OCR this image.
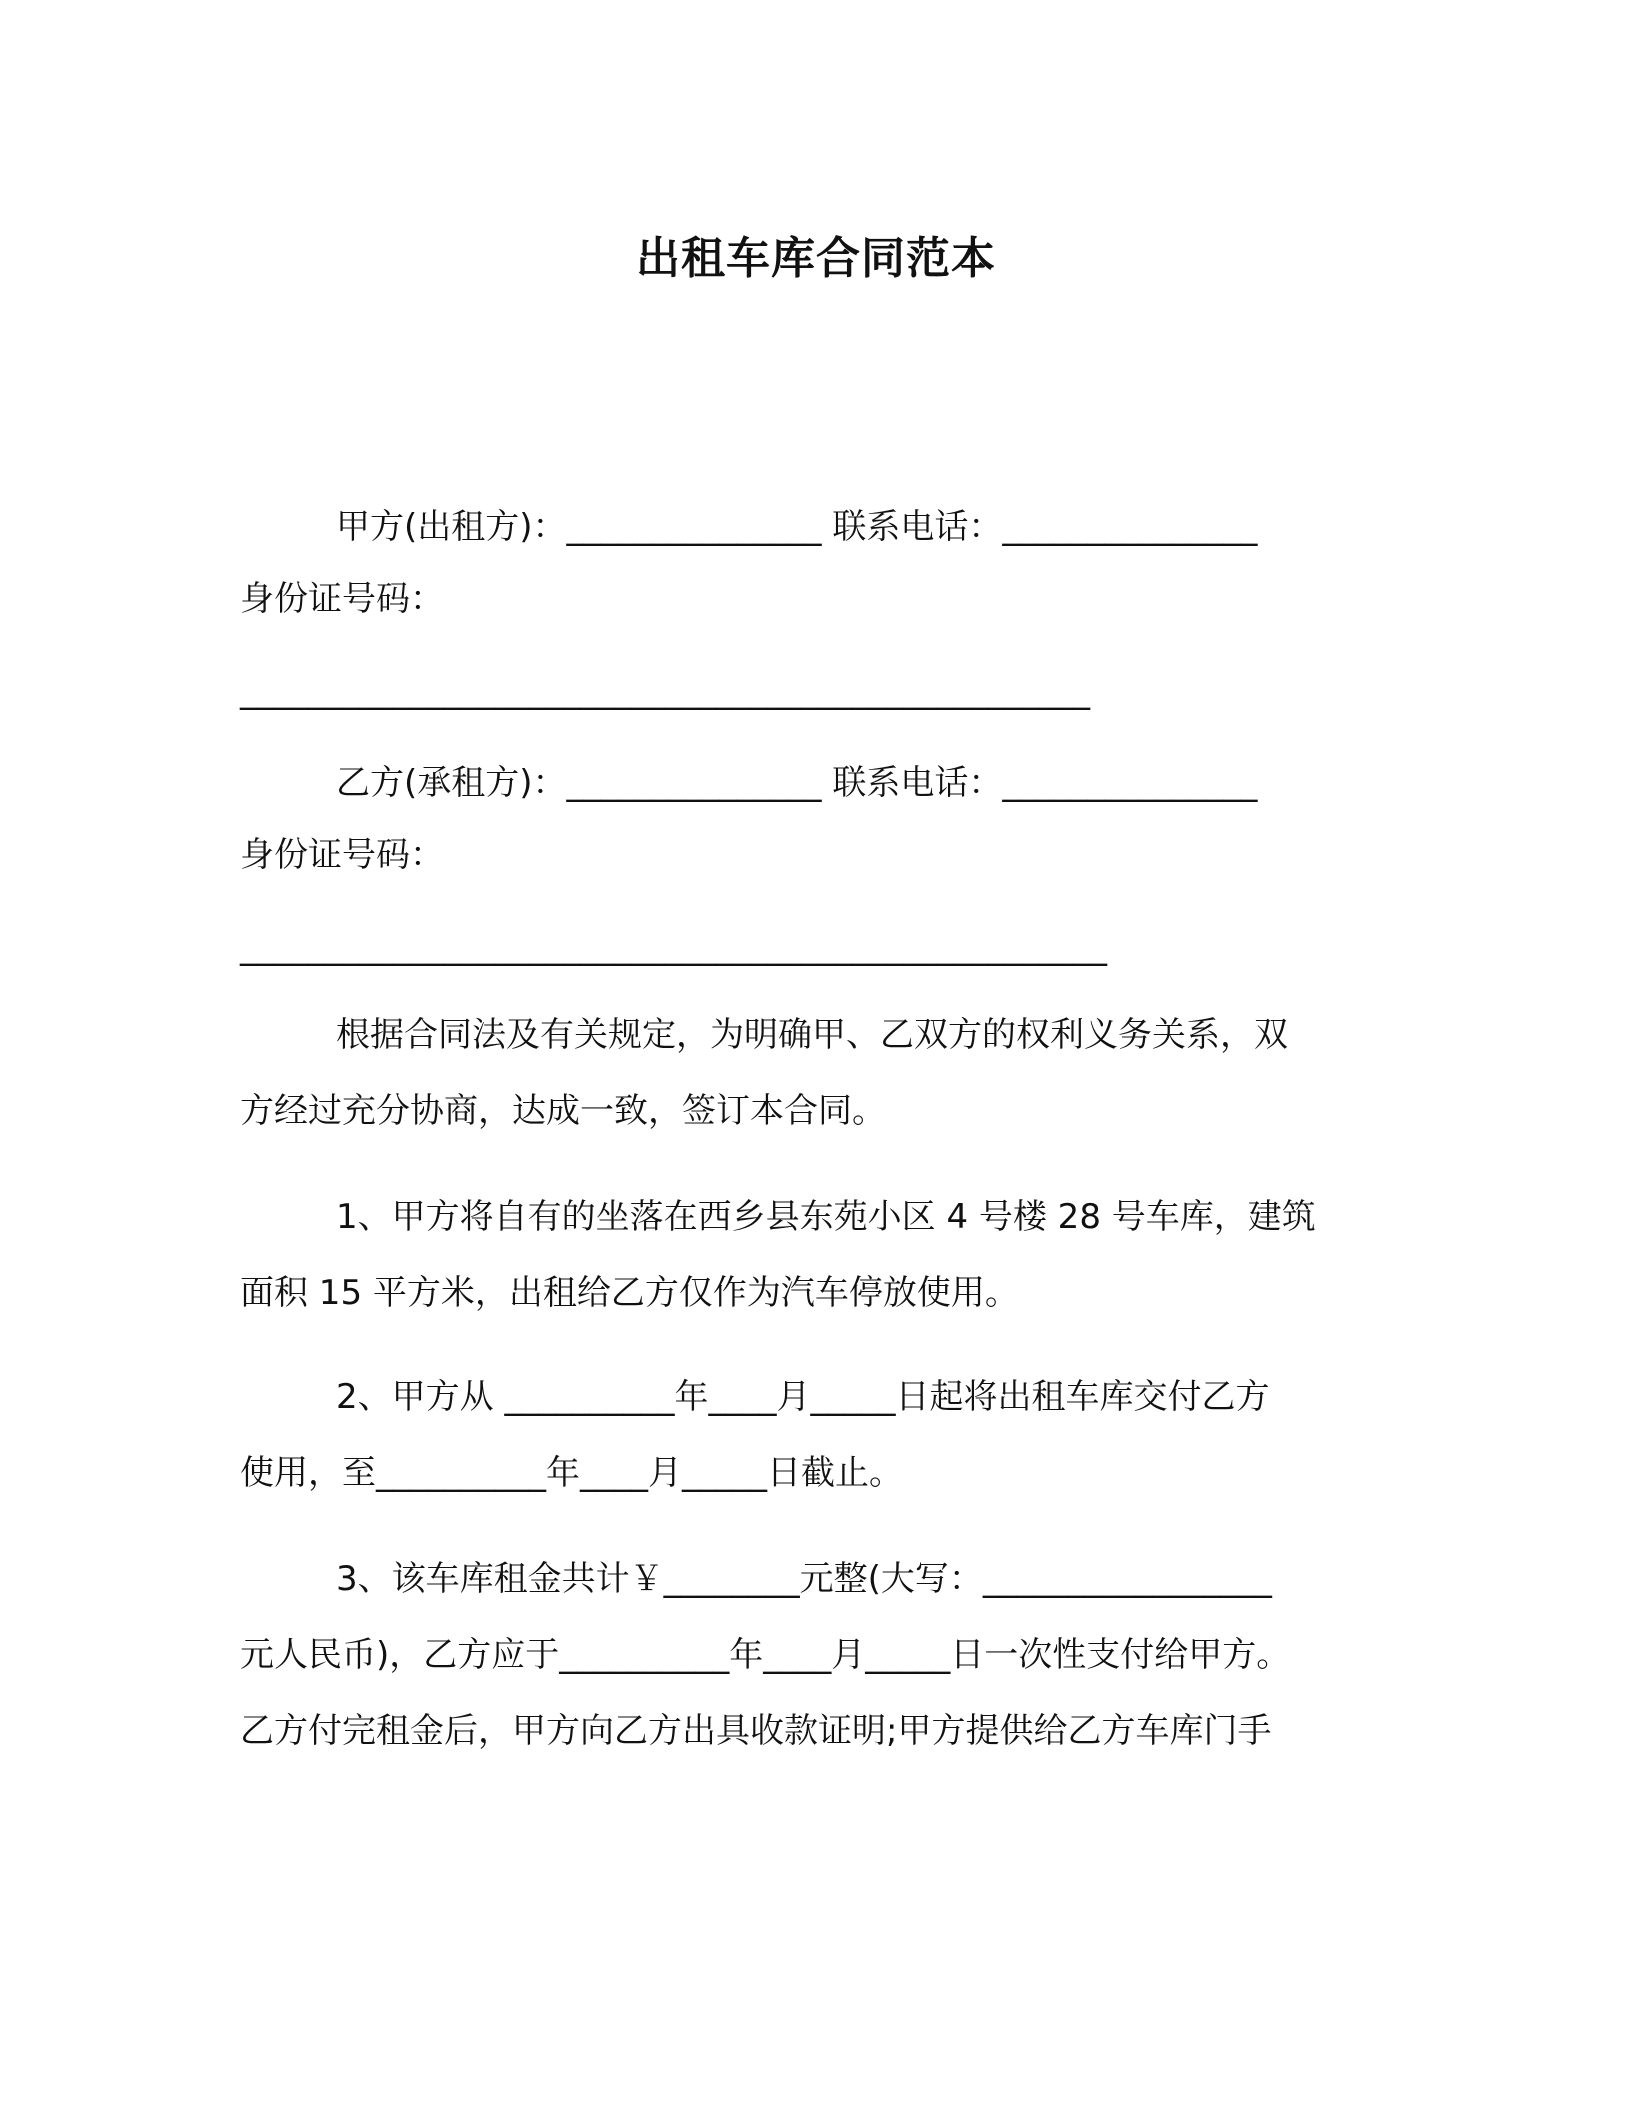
出租车库合同范本
甲方(出租方)：_______________ 联系电话：_______________
身份证号码：
__________________________________________________
乙方(承租方)：_______________ 联系电话：_______________
身份证号码：
___________________________________________________
根据合同法及有关规定，为明确甲、乙双方的权利义务关系，双
方经过充分协商，达成一致，签订本合同。
1、甲方将自有的坐落在西乡县东苑小区 4 号楼 28 号车库，建筑
面积 15 平方米，出租给乙方仅作为汽车停放使用。
2、甲方从 __________年____月_____日起将出租车库交付乙方
使用，至__________年____月_____日截止。
3、该车库租金共计￥________元整(大写：_________________
元人民币)，乙方应于__________年____月_____日一次性支付给甲方。
乙方付完租金后，甲方向乙方出具收款证明;甲方提供给乙方车库门手
